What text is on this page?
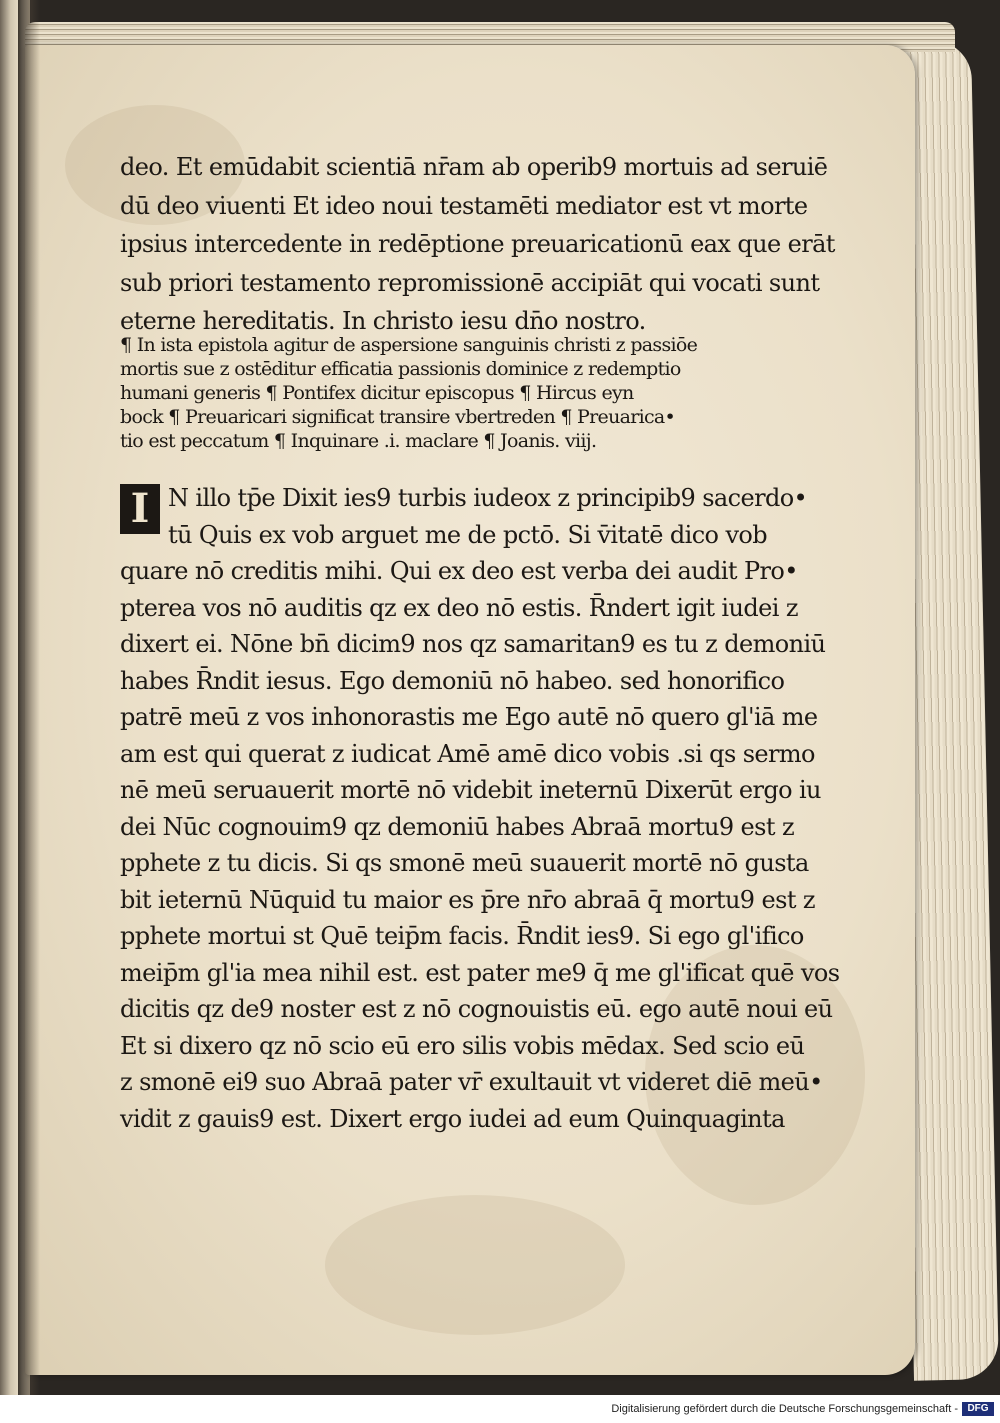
deo. Et emūdabit scientiā nr̄am ab operib9 mortuis ad seruiē
dū deo viuenti Et ideo noui testamēti mediator est vt morte
ipsius intercedente in redēptione preuaricationū eax que erāt
sub priori testamento repromissionē accipiāt qui vocati sunt
eterne hereditatis. In christo iesu dn̄o nostro.
¶ In ista epistola agitur de aspersione sanguinis christi z passiōe
mortis sue z ostēditur efficatia passionis dominice z redemptio
humani generis ¶ Pontifex dicitur episcopus ¶ Hircus eyn
bock ¶ Preuaricari significat transire vbertreden ¶ Preuarica•
tio est peccatum ¶ Inquinare .i. maclare ¶ Joanis. viij.
I N illo tp̄e Dixit ies9 turbis iudeox z principib9 sacerdo•
tū Quis ex vob arguet me de pctō. Si v̄itatē dico vob
quare nō creditis mihi. Qui ex deo est verba dei audit Pro•
pterea vos nō auditis qz ex deo nō estis. R̄ndert igit iudei z
dixert ei. Nōne bn̄ dicim9 nos qz samaritan9 es tu z demoniū
habes R̄ndit iesus. Ego demoniū nō habeo. sed honorifico
patrē meū z vos inhonorastis me Ego autē nō quero gl'iā me
am est qui querat z iudicat Amē amē dico vobis .si qs sermo
nē meū seruauerit mortē nō videbit ineternū Dixerūt ergo iu
dei Nūc cognouim9 qz demoniū habes Abraā mortu9 est z
pphete z tu dicis. Si qs smonē meū suauerit mortē nō gusta
bit ieternū Nūquid tu maior es p̄re nr̄o abraā q̄ mortu9 est z
pphete mortui st Quē teip̄m facis. R̄ndit ies9. Si ego gl'ifico
meip̄m gl'ia mea nihil est. est pater me9 q̄ me gl'ificat quē vos
dicitis qz de9 noster est z nō cognouistis eū. ego autē noui eū
Et si dixero qz nō scio eū ero silis vobis mēdax. Sed scio eū
z smonē ei9 suo Abraā pater vr̄ exultauit vt videret diē meū•
vidit z gauis9 est. Dixert ergo iudei ad eum Quinquaginta
Digitalisierung gefördert durch die Deutsche Forschungsgemeinschaft - DFG
